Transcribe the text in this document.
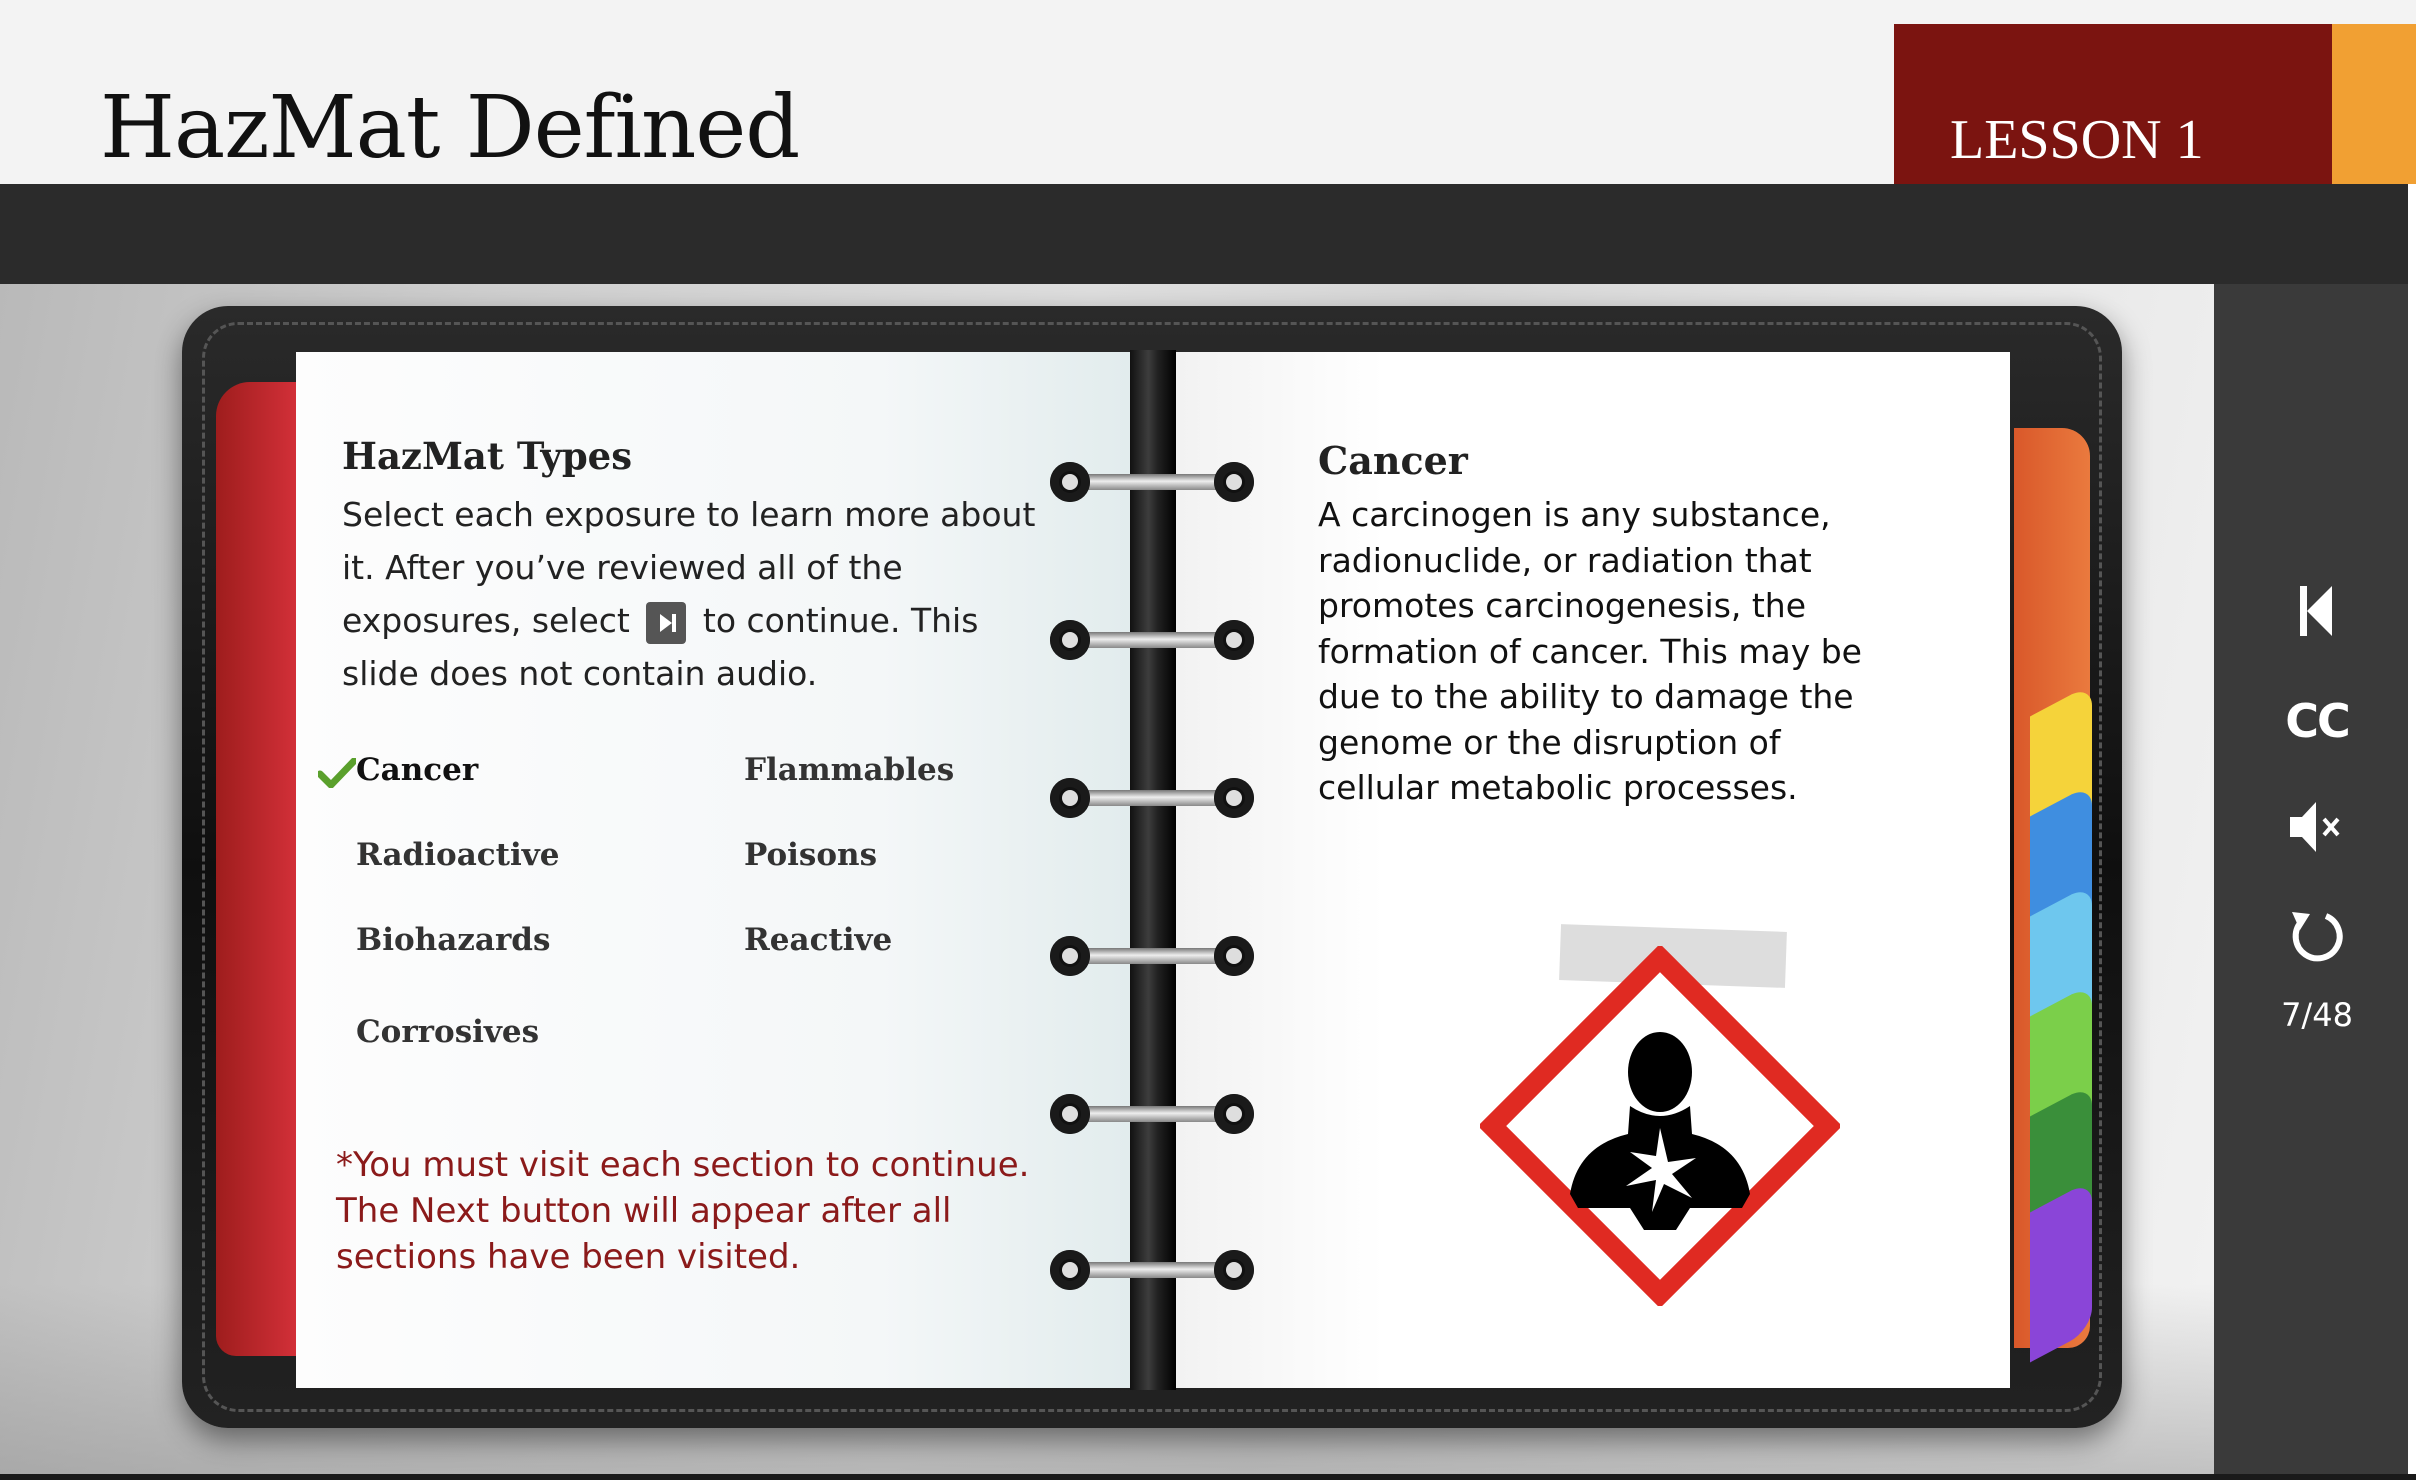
HazMat Defined	LESSON 1
HazMat Types
Select each exposure to learn more about it. After you’ve reviewed all of the exposures, select to continue. This slide does not contain audio.
Cancer	Flammables
Radioactive	Poisons
Biohazards	Reactive
Corrosives
*You must visit each section to continue. The Next button will appear after all sections have been visited.
Cancer
A carcinogen is any substance, radionuclide, or radiation that promotes carcinogenesis, the formation of cancer. This may be due to the ability to damage the genome or the disruption of cellular metabolic processes.
CC
7/48
